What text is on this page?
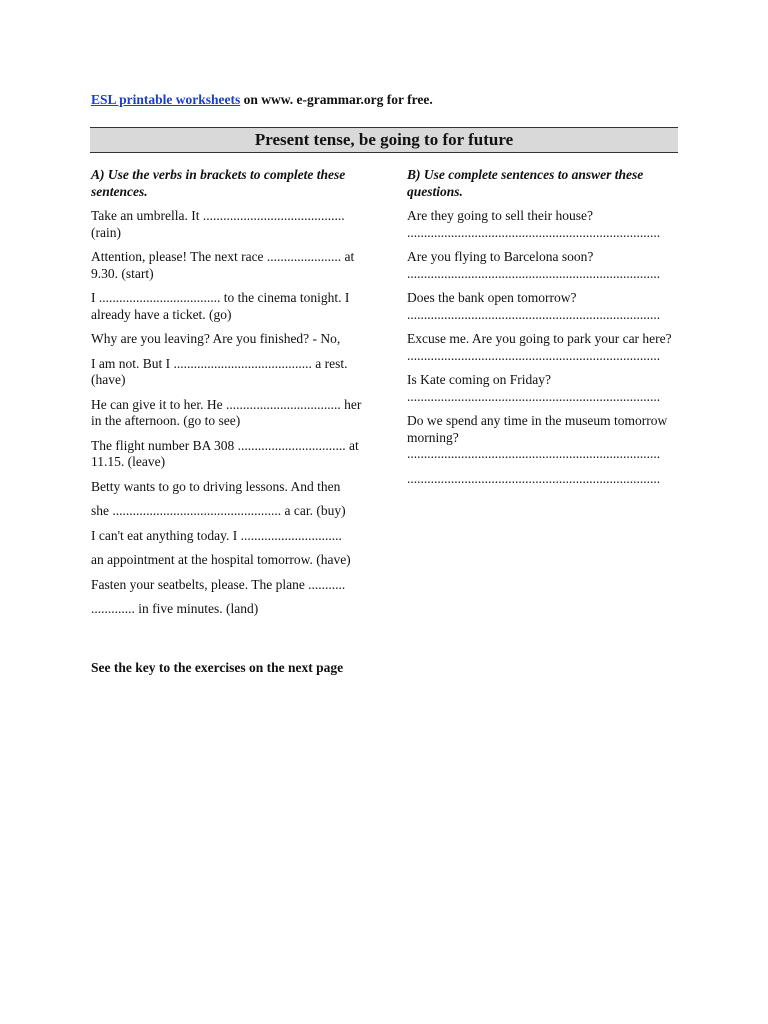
ESL printable worksheets on www. e-grammar.org for free.
Present tense, be going to for future

A) Use the verbs in brackets to complete these sentences.

Take an umbrella. It .......................................... (rain)

Attention, please! The next race ...................... at 9.30. (start)

I .................................... to the cinema tonight. I already have a ticket. (go)

Why are you leaving? Are you finished? - No,

I am not. But I ......................................... a rest. (have)

He can give it to her. He .................................. her in the afternoon. (go to see)

The flight number BA 308 ................................ at 11.15. (leave)

Betty wants to go to driving lessons. And then

she .................................................. a car. (buy)

I can't eat anything today. I ..............................

an appointment at the hospital tomorrow. (have)

Fasten your seatbelts, please. The plane ...........

............. in five minutes. (land)

B) Use complete sentences to answer these questions.

Are they going to sell their house?

...........................................................................

Are you flying to Barcelona soon?

...........................................................................

Does the bank open tomorrow?

...........................................................................

Excuse me. Are you going to park your car here?

...........................................................................

Is Kate coming on Friday?

...........................................................................

Do we spend any time in the museum tomorrow morning?

...........................................................................

...........................................................................

See the key to the exercises on the next page
